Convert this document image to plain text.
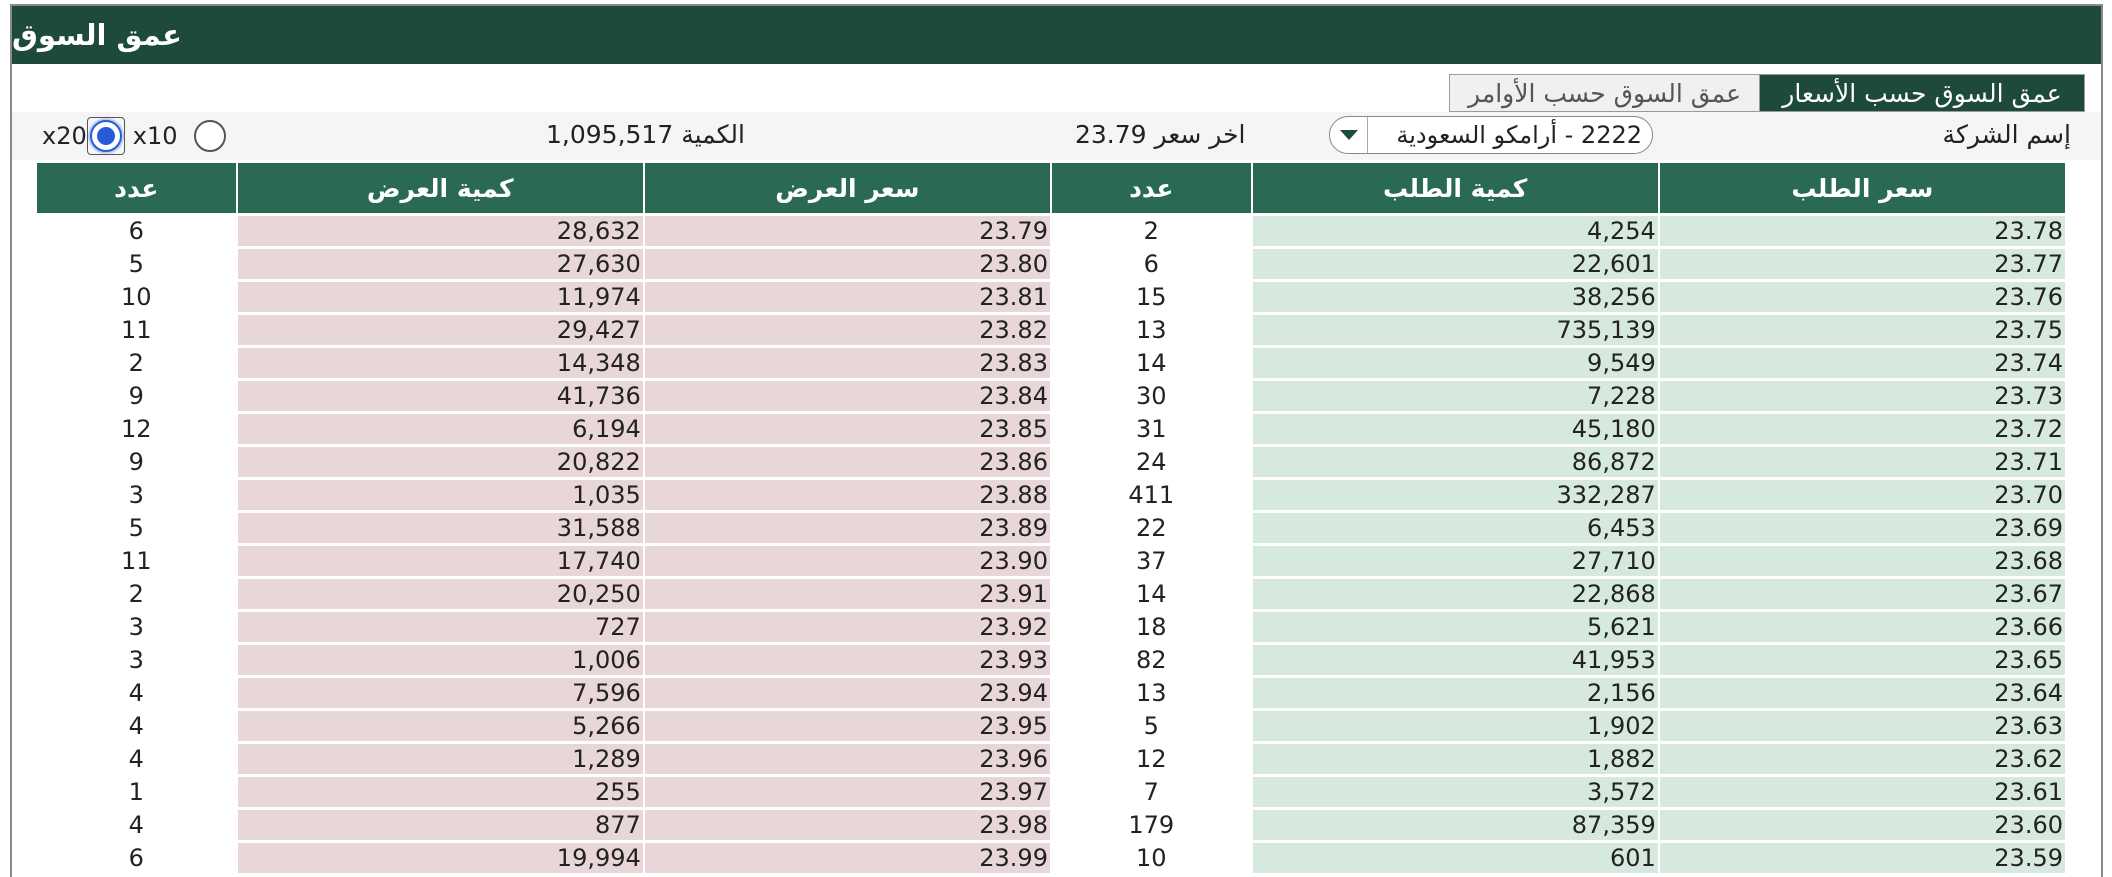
عمق السوق
عمق السوق حسب الأسعار
عمق السوق حسب الأوامر
إسم الشركة
2222 - أرامكو السعودية
اخر سعر 23.79
الكمية 1,095,517
x20 x10
عدد	كمية العرض	سعر العرض	عدد	كمية الطلب	سعر الطلب
6	28,632	23.79	2	4,254	23.78
5	27,630	23.80	6	22,601	23.77
10	11,974	23.81	15	38,256	23.76
11	29,427	23.82	13	735,139	23.75
2	14,348	23.83	14	9,549	23.74
9	41,736	23.84	30	7,228	23.73
12	6,194	23.85	31	45,180	23.72
9	20,822	23.86	24	86,872	23.71
3	1,035	23.88	411	332,287	23.70
5	31,588	23.89	22	6,453	23.69
11	17,740	23.90	37	27,710	23.68
2	20,250	23.91	14	22,868	23.67
3	727	23.92	18	5,621	23.66
3	1,006	23.93	82	41,953	23.65
4	7,596	23.94	13	2,156	23.64
4	5,266	23.95	5	1,902	23.63
4	1,289	23.96	12	1,882	23.62
1	255	23.97	7	3,572	23.61
4	877	23.98	179	87,359	23.60
6	19,994	23.99	10	601	23.59
